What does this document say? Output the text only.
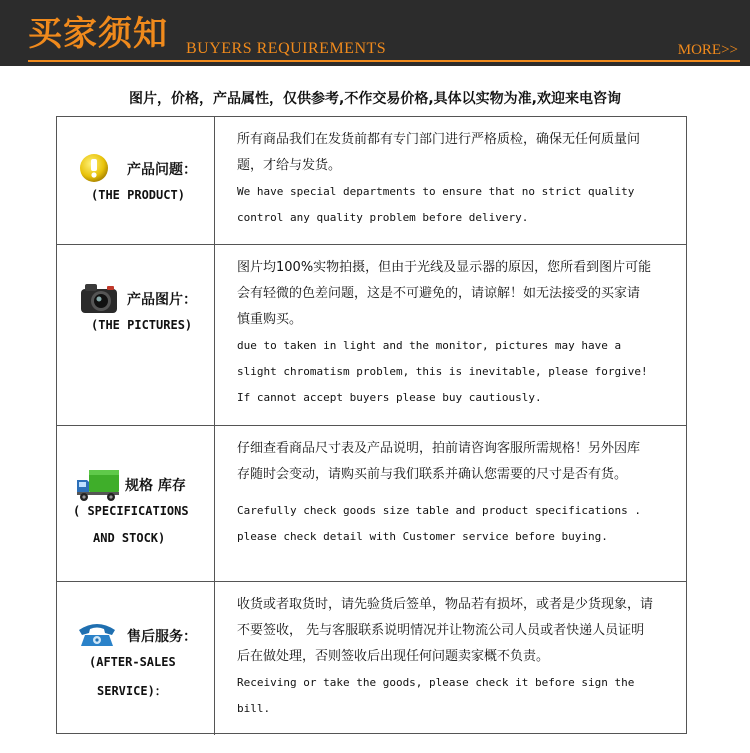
买家须知 BUYERS REQUIREMENTS	MORE>>
图片，价格，产品属性，仅供参考,不作交易价格,具体以实物为准,欢迎来电咨询
产品问题：
(THE PRODUCT)
所有商品我们在发货前都有专门部门进行严格质检，确保无任何质量问
题，才给与发货。
We have special departments to ensure that no strict quality
control any quality problem before delivery.
产品图片：
(THE PICTURES)
图片均100%实物拍摄，但由于光线及显示器的原因，您所看到图片可能
会有轻微的色差问题，这是不可避免的，请谅解！如无法接受的买家请
慎重购买。
due to taken in light and the monitor, pictures may have a
slight chromatism problem, this is inevitable, please forgive!
If cannot accept buyers please buy cautiously.
规格 库存
( SPECIFICATIONS
AND STOCK)
仔细查看商品尺寸表及产品说明，拍前请咨询客服所需规格！另外因库
存随时会变动，请购买前与我们联系并确认您需要的尺寸是否有货。
Carefully check goods size table and product specifications .
please check detail with Customer service before buying.
售后服务：
(AFTER-SALES
SERVICE)：
收货或者取货时，请先验货后签单，物品若有损坏，或者是少货现象，请
不要签收， 先与客服联系说明情况并让物流公司人员或者快递人员证明
后在做处理，否则签收后出现任何问题卖家概不负责。
Receiving or take the goods, please check it before sign the bill.
